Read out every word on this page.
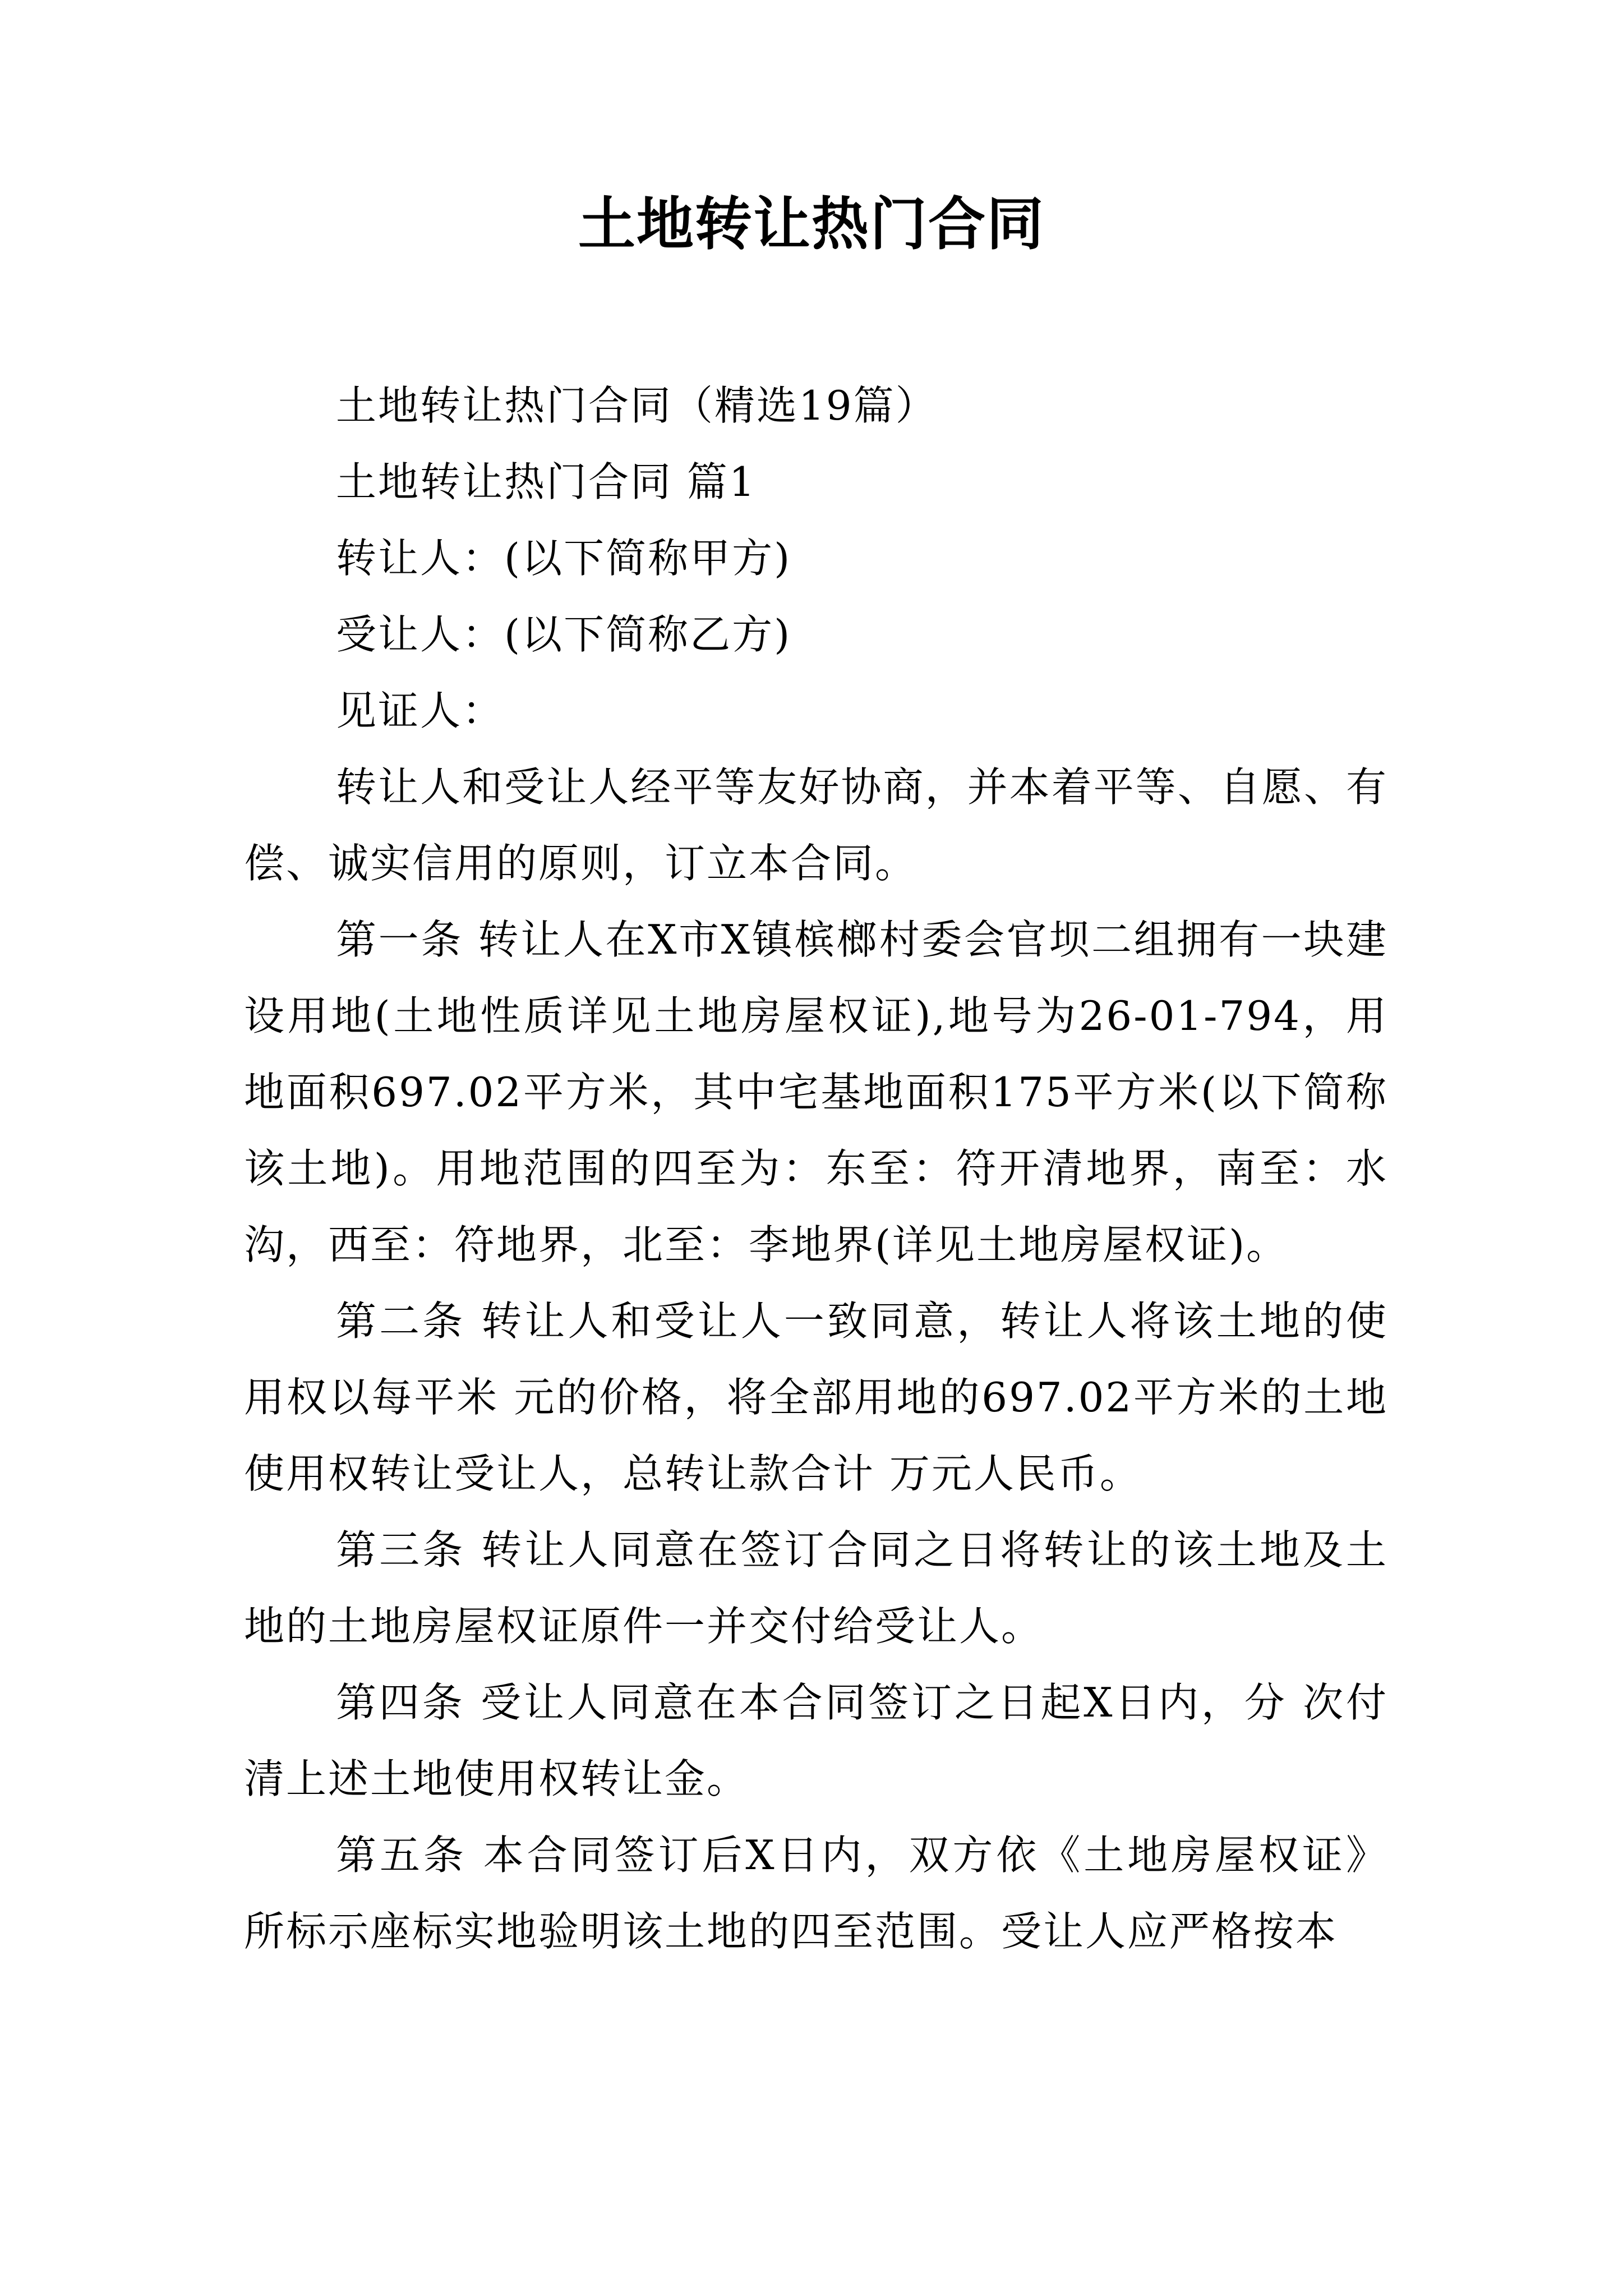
土地转让热门合同

土地转让热门合同（精选19篇）

土地转让热门合同 篇1

转让人：(以下简称甲方)

受让人：(以下简称乙方)

见证人：

转让人和受让人经平等友好协商，并本着平等、自愿、有偿、诚实信用的原则，订立本合同。

第一条 转让人在X市X镇槟榔村委会官坝二组拥有一块建设用地(土地性质详见土地房屋权证),地号为26-01-794，用地面积697.02平方米，其中宅基地面积175平方米(以下简称该土地)。用地范围的四至为：东至：符开清地界，南至：水沟，西至：符地界，北至：李地界(详见土地房屋权证)。

第二条 转让人和受让人一致同意，转让人将该土地的使用权以每平米 元的价格，将全部用地的697.02平方米的土地使用权转让受让人，总转让款合计 万元人民币。

第三条 转让人同意在签订合同之日将转让的该土地及土地的土地房屋权证原件一并交付给受让人。

第四条 受让人同意在本合同签订之日起X日内，分 次付清上述土地使用权转让金。

第五条 本合同签订后X日内，双方依《土地房屋权证》所标示座标实地验明该土地的四至范围。受让人应严格按本
